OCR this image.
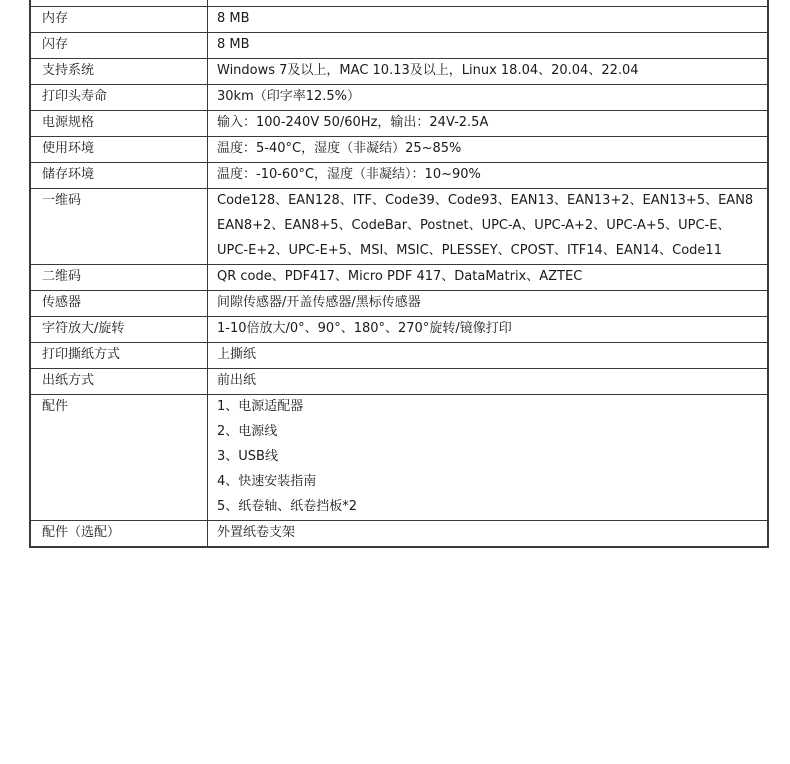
内存	8 MB
闪存	8 MB
支持系统	Windows 7及以上，MAC 10.13及以上，Linux 18.04、20.04、22.04
打印头寿命	30km（印字率12.5%）
电源规格	输入：100-240V 50/60Hz，输出：24V-2.5A
使用环境	温度：5-40°C，湿度（非凝结）25~85%
储存环境	温度：-10-60°C，湿度（非凝结）：10~90%
一维码	Code128、EAN128、ITF、Code39、Code93、EAN13、EAN13+2、EAN13+5、EAN8
EAN8+2、EAN8+5、CodeBar、Postnet、UPC-A、UPC-A+2、UPC-A+5、UPC-E、
UPC-E+2、UPC-E+5、MSI、MSIC、PLESSEY、CPOST、ITF14、EAN14、Code11
二维码	QR code、PDF417、Micro PDF 417、DataMatrix、AZTEC
传感器	间隙传感器/开盖传感器/黑标传感器
字符放大/旋转	1-10倍放大/0°、90°、180°、270°旋转/镜像打印
打印撕纸方式	上撕纸
出纸方式	前出纸
配件	1、电源适配器
2、电源线
3、USB线
4、快速安装指南
5、纸卷轴、纸卷挡板*2
配件（选配）	外置纸卷支架
